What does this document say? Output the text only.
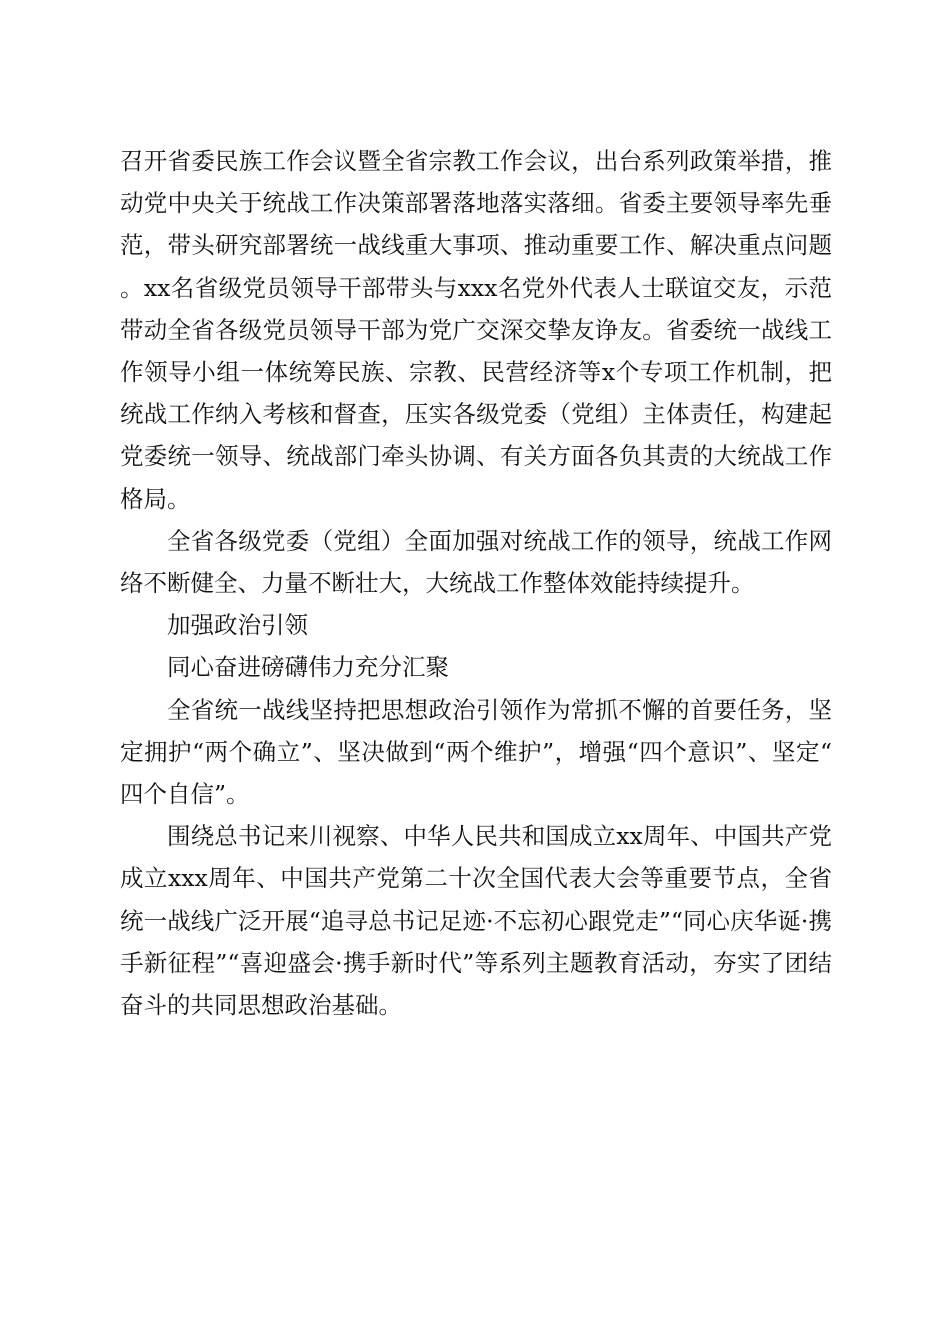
召开省委民族工作会议暨全省宗教工作会议，出台系列政策举措，推动党中央关于统战工作决策部署落地落实落细。省委主要领导率先垂范，带头研究部署统一战线重大事项、推动重要工作、解决重点问题。xx名省级党员领导干部带头与xxx名党外代表人士联谊交友，示范带动全省各级党员领导干部为党广交深交挚友诤友。省委统一战线工作领导小组一体统筹民族、宗教、民营经济等x个专项工作机制，把统战工作纳入考核和督查，压实各级党委（党组）主体责任，构建起党委统一领导、统战部门牵头协调、有关方面各负其责的大统战工作格局。

全省各级党委（党组）全面加强对统战工作的领导，统战工作网络不断健全、力量不断壮大，大统战工作整体效能持续提升。

加强政治引领

同心奋进磅礴伟力充分汇聚

全省统一战线坚持把思想政治引领作为常抓不懈的首要任务，坚定拥护“两个确立”、坚决做到“两个维护”，增强“四个意识”、坚定“四个自信”。

围绕总书记来川视察、中华人民共和国成立xx周年、中国共产党成立xxx周年、中国共产党第二十次全国代表大会等重要节点，全省统一战线广泛开展“追寻总书记足迹·不忘初心跟党走”“同心庆华诞·携手新征程”“喜迎盛会·携手新时代”等系列主题教育活动，夯实了团结奋斗的共同思想政治基础。
